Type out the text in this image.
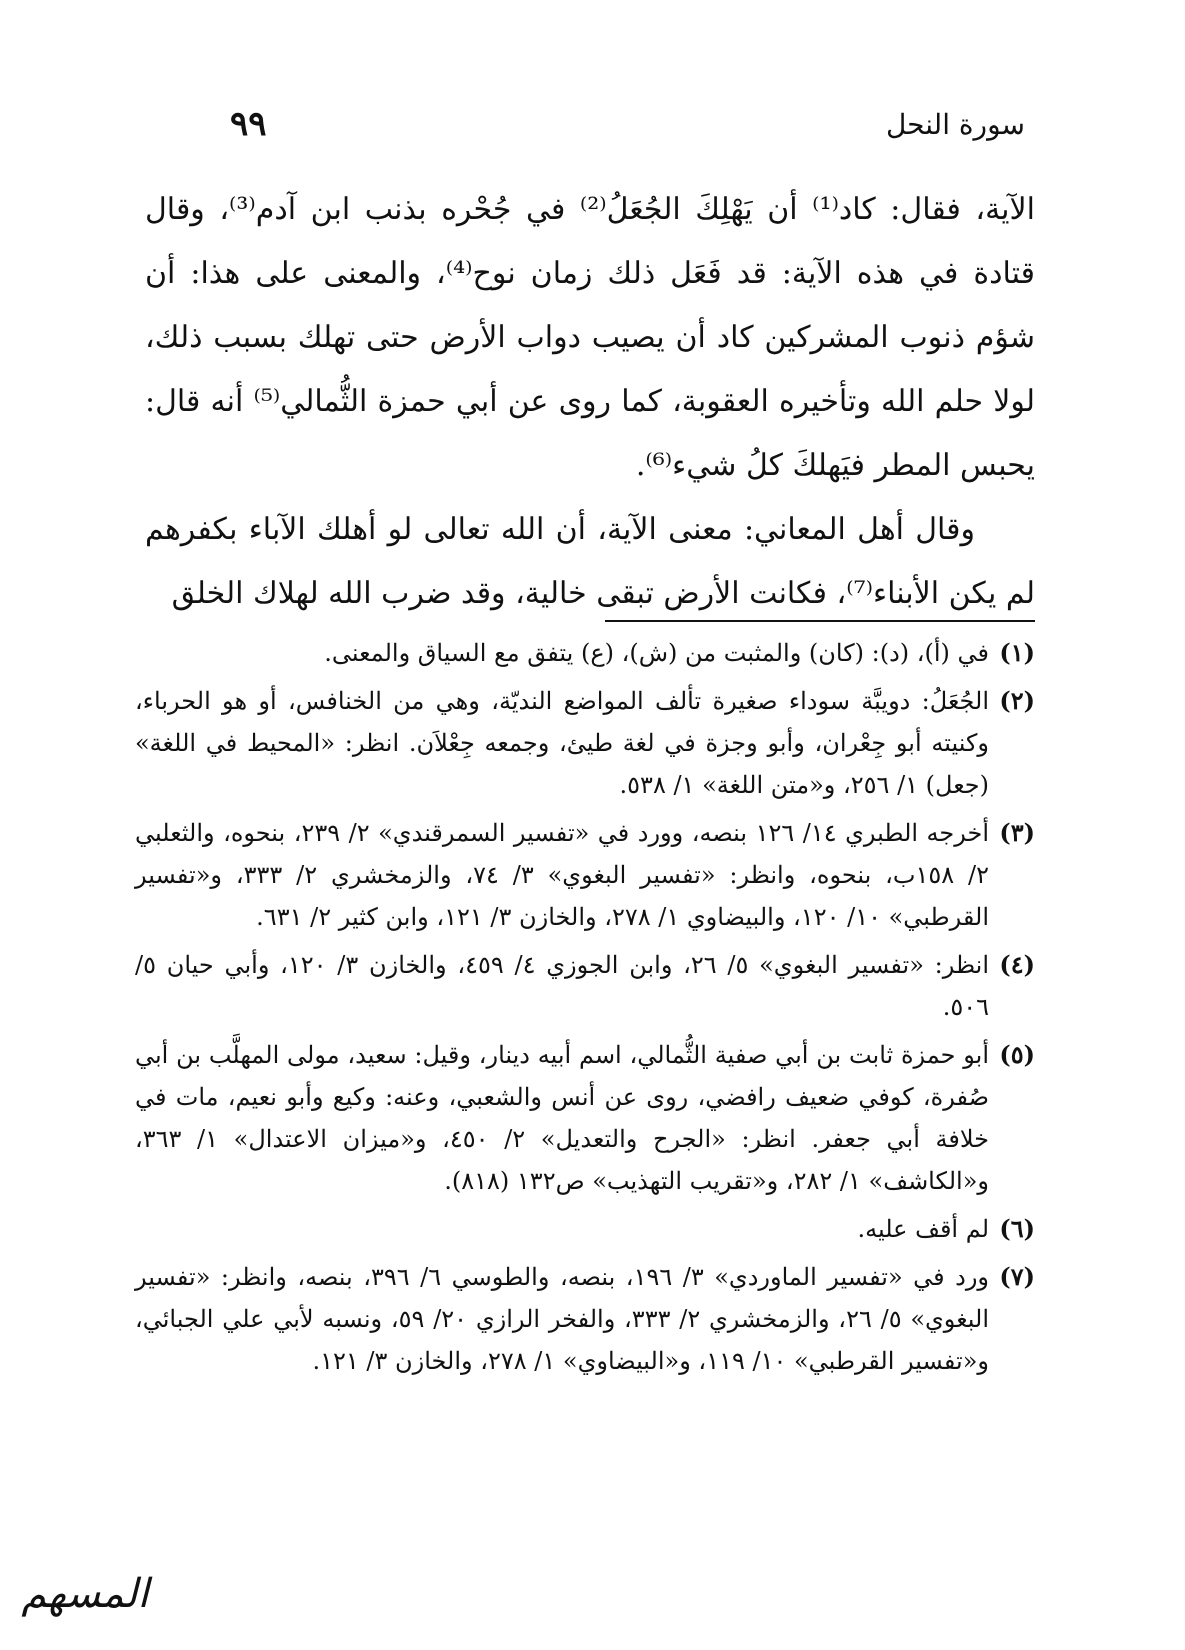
سورة النحل
٩٩

الآية، فقال: كاد⁽¹⁾ أن يَهْلِكَ الجُعَلُ⁽²⁾ في جُحْره بذنب ابن آدم⁽³⁾، وقال قتادة في هذه الآية: قد فَعَل ذلك زمان نوح⁽⁴⁾، والمعنى على هذا: أن شؤم ذنوب المشركين كاد أن يصيب دواب الأرض حتى تهلك بسبب ذلك، لولا حلم الله وتأخيره العقوبة، كما روى عن أبي حمزة الثُّمالي⁽⁵⁾ أنه قال: يحبس المطر فيَهلكَ كلُ شيء⁽⁶⁾.

وقال أهل المعاني: معنى الآية، أن الله تعالى لو أهلك الآباء بكفرهم لم يكن الأبناء⁽⁷⁾، فكانت الأرض تبقى خالية، وقد ضرب الله لهلاك الخلق

(١)
في (أ)، (د): (كان) والمثبت من (ش)، (ع) يتفق مع السياق والمعنى.
(٢)
الجُعَلُ: دويبَّة سوداء صغيرة تألف المواضع النديّة، وهي من الخنافس، أو هو الحرباء، وكنيته أبو جِعْران، وأبو وجزة في لغة طيئ، وجمعه جِعْلاَن. انظر: «المحيط في اللغة» (جعل) ١/ ٢٥٦، و«متن اللغة» ١/ ٥٣٨.
(٣)
أخرجه الطبري ١٤/ ١٢٦ بنصه، وورد في «تفسير السمرقندي» ٢/ ٢٣٩، بنحوه، والثعلبي ٢/ ١٥٨ب، بنحوه، وانظر: «تفسير البغوي» ٣/ ٧٤، والزمخشري ٢/ ٣٣٣، و«تفسير القرطبي» ١٠/ ١٢٠، والبيضاوي ١/ ٢٧٨، والخازن ٣/ ١٢١، وابن كثير ٢/ ٦٣١.
(٤)
انظر: «تفسير البغوي» ٥/ ٢٦، وابن الجوزي ٤/ ٤٥٩، والخازن ٣/ ١٢٠، وأبي حيان ٥/ ٥٠٦.
(٥)
أبو حمزة ثابت بن أبي صفية الثُّمالي، اسم أبيه دينار، وقيل: سعيد، مولى المهلَّب بن أبي صُفرة، كوفي ضعيف رافضي، روى عن أنس والشعبي، وعنه: وكيع وأبو نعيم، مات في خلافة أبي جعفر. انظر: «الجرح والتعديل» ٢/ ٤٥٠، و«ميزان الاعتدال» ١/ ٣٦٣، و«الكاشف» ١/ ٢٨٢، و«تقريب التهذيب» ص١٣٢ (٨١٨).
(٦)
لم أقف عليه.
(٧)
ورد في «تفسير الماوردي» ٣/ ١٩٦، بنصه، والطوسي ٦/ ٣٩٦، بنصه، وانظر: «تفسير البغوي» ٥/ ٢٦، والزمخشري ٢/ ٣٣٣، والفخر الرازي ٢٠/ ٥٩، ونسبه لأبي علي الجبائي، و«تفسير القرطبي» ١٠/ ١١٩، و«البيضاوي» ١/ ٢٧٨، والخازن ٣/ ١٢١.
المسهم
